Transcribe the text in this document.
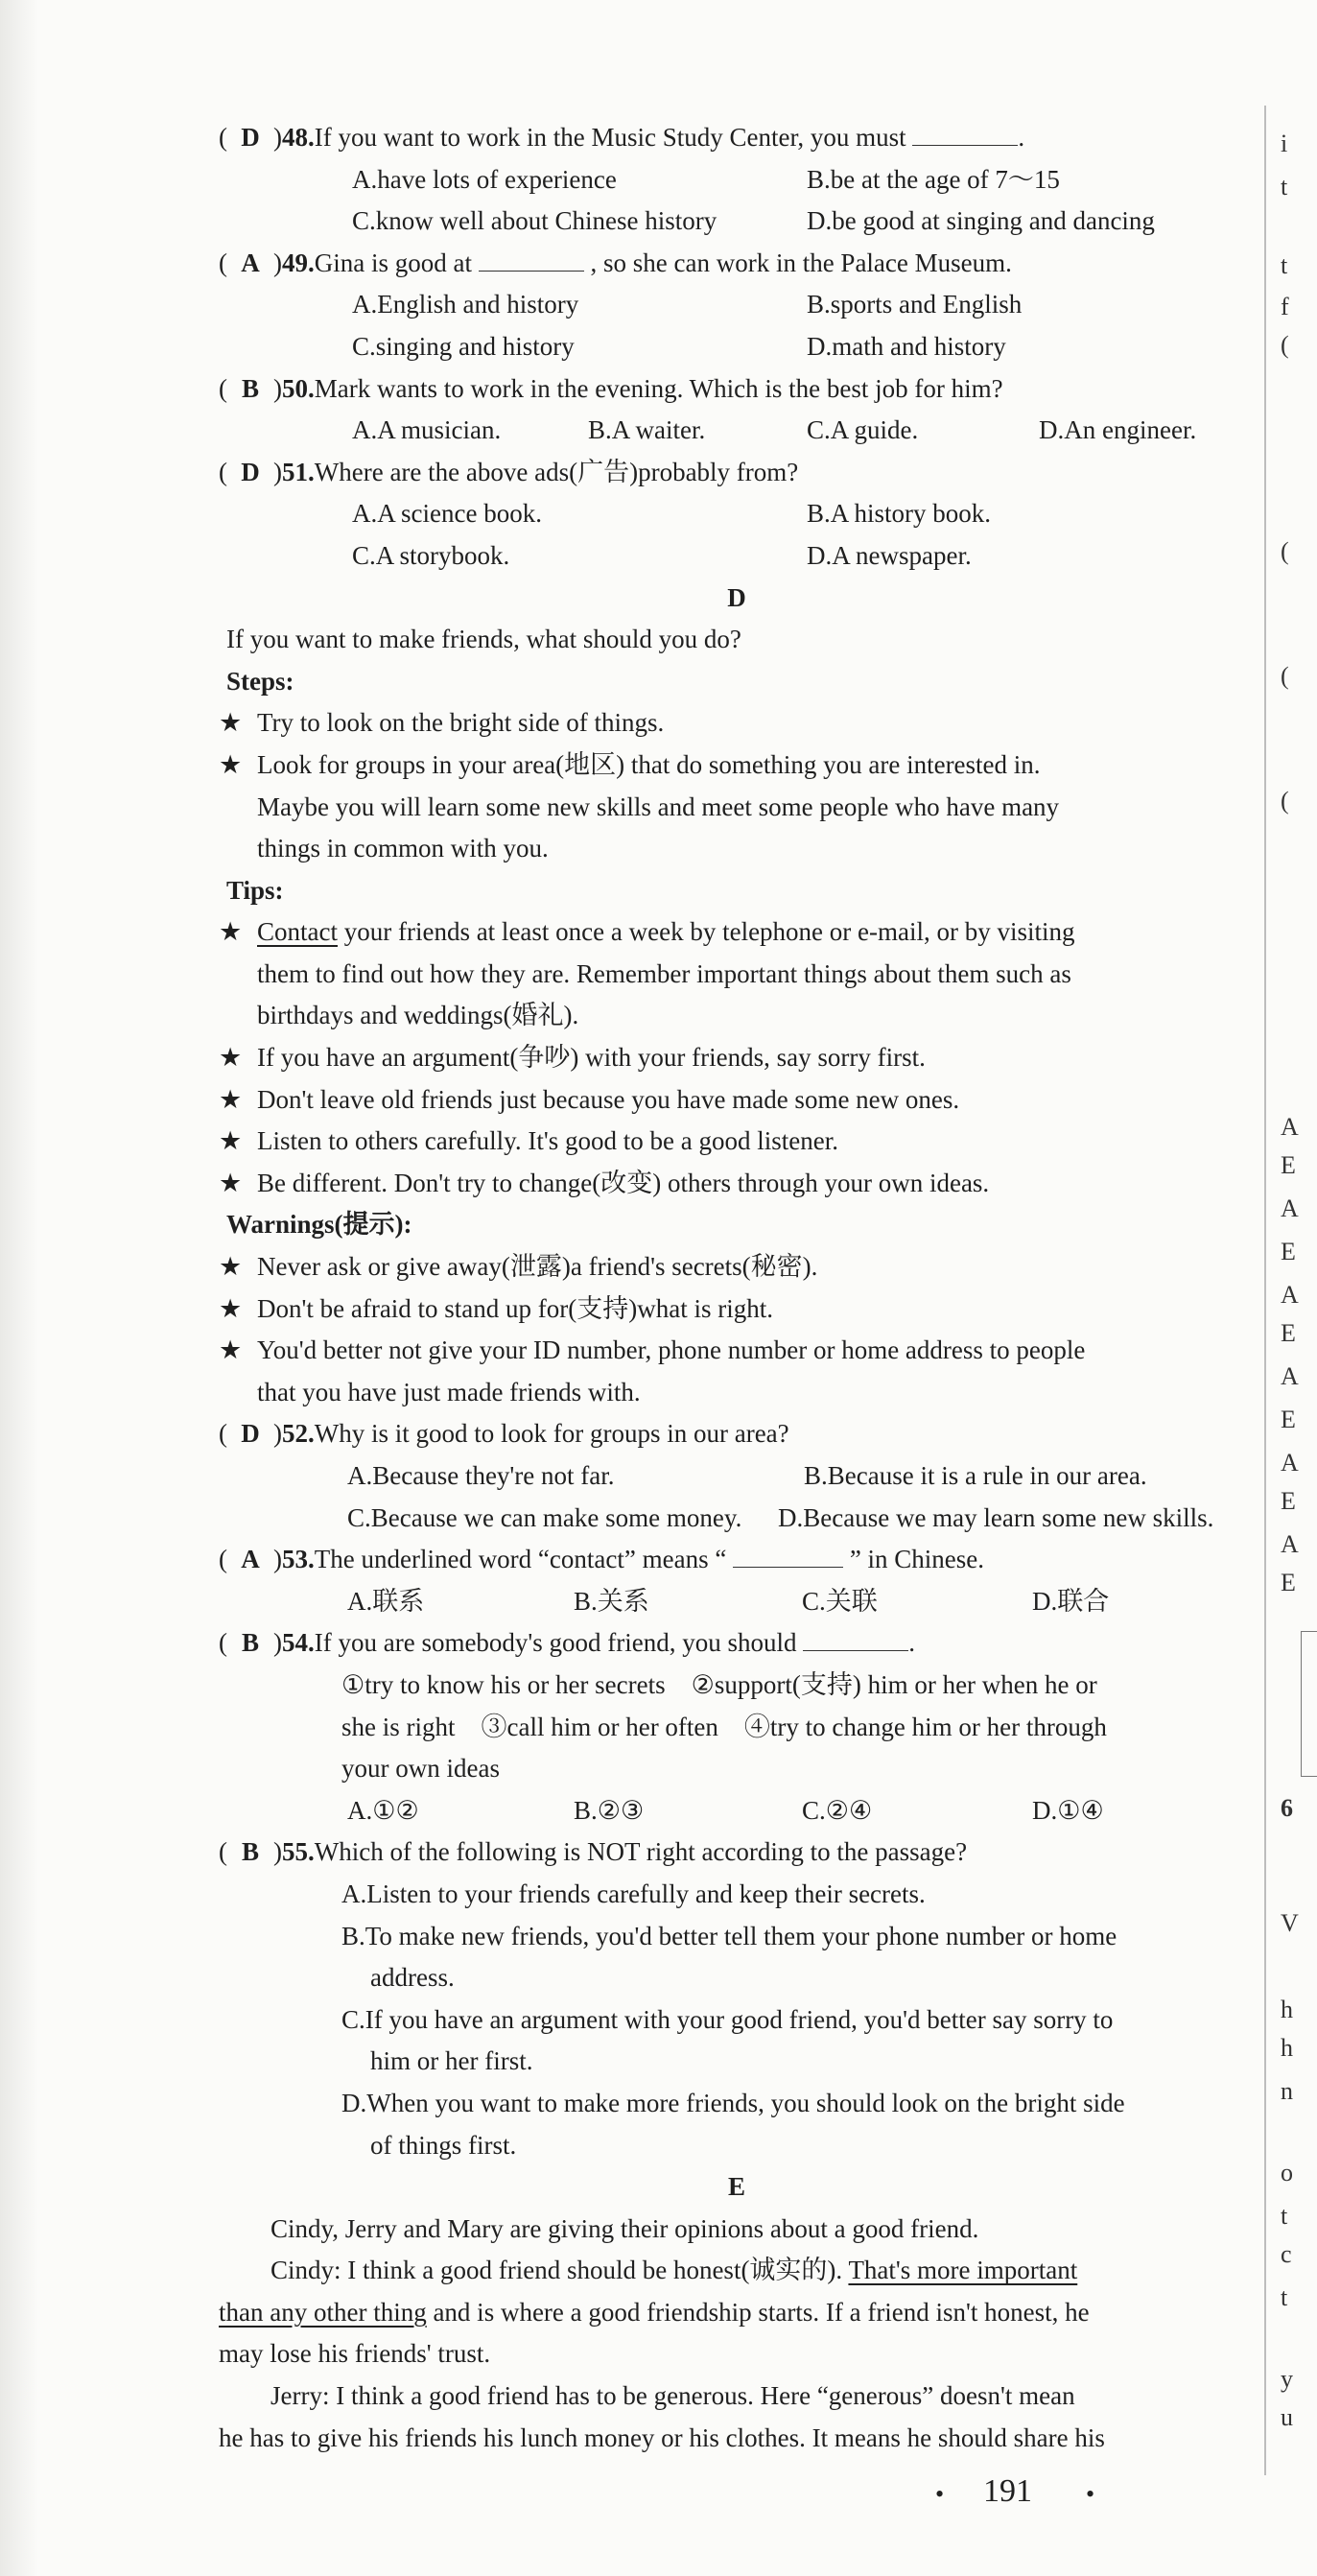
( D )48.If you want to work in the Music Study Center, you must	.
A.have lots of experience	B.be at the age of 7～15
C.know well about Chinese history	D.be good at singing and dancing
( A )49.Gina is good at	, so she can work in the Palace Museum.
A.English and history	B.sports and English
C.singing and history	D.math and history
( B )50.Mark wants to work in the evening. Which is the best job for him?
A.A musician.	B.A waiter.	C.A guide.	D.An engineer.
( D )51.Where are the above ads(广告)probably from?
A.A science book.	B.A history book.
C.A storybook.	D.A newspaper.
D
If you want to make friends, what should you do?
Steps:
★ Try to look on the bright side of things.
★ Look for groups in your area(地区) that do something you are interested in.
Maybe you will learn some new skills and meet some people who have many
things in common with you.
Tips:
★ Contact your friends at least once a week by telephone or e-mail, or by visiting
them to find out how they are. Remember important things about them such as
birthdays and weddings(婚礼).
★ If you have an argument(争吵) with your friends, say sorry first.
★ Don't leave old friends just because you have made some new ones.
★ Listen to others carefully. It's good to be a good listener.
★ Be different. Don't try to change(改变) others through your own ideas.
Warnings(提示):
★ Never ask or give away(泄露)a friend's secrets(秘密).
★ Don't be afraid to stand up for(支持)what is right.
★ You'd better not give your ID number, phone number or home address to people
that you have just made friends with.
( D )52.Why is it good to look for groups in our area?
A.Because they're not far.	B.Because it is a rule in our area.
C.Because we can make some money. D.Because we may learn some new skills.
( A )53.The underlined word “contact” means “	” in Chinese.
A.联系	B.关系	C.关联	D.联合
( B )54.If you are somebody's good friend, you should	.
①try to know his or her secrets　②support(支持) him or her when he or
she is right　③call him or her often　④try to change him or her through
your own ideas
A.①②	B.②③	C.②④	D.①④
( B )55.Which of the following is NOT right according to the passage?
A.Listen to your friends carefully and keep their secrets.
B.To make new friends, you'd better tell them your phone number or home
address.
C.If you have an argument with your good friend, you'd better say sorry to
him or her first.
D.When you want to make more friends, you should look on the bright side
of things first.
E
Cindy, Jerry and Mary are giving their opinions about a good friend.
Cindy: I think a good friend should be honest(诚实的). That's more important
than any other thing and is where a good friendship starts. If a friend isn't honest, he
may lose his friends' trust.
Jerry: I think a good friend has to be generous. Here “generous” doesn't mean
he has to give his friends his lunch money or his clothes. It means he should share his
i
t
t
f
(
(
(
(
A
E
A
E
A
E
A
E
A
E
A
E
6
V
h
h
n
o
t
c
t
y
u
• 191 •
